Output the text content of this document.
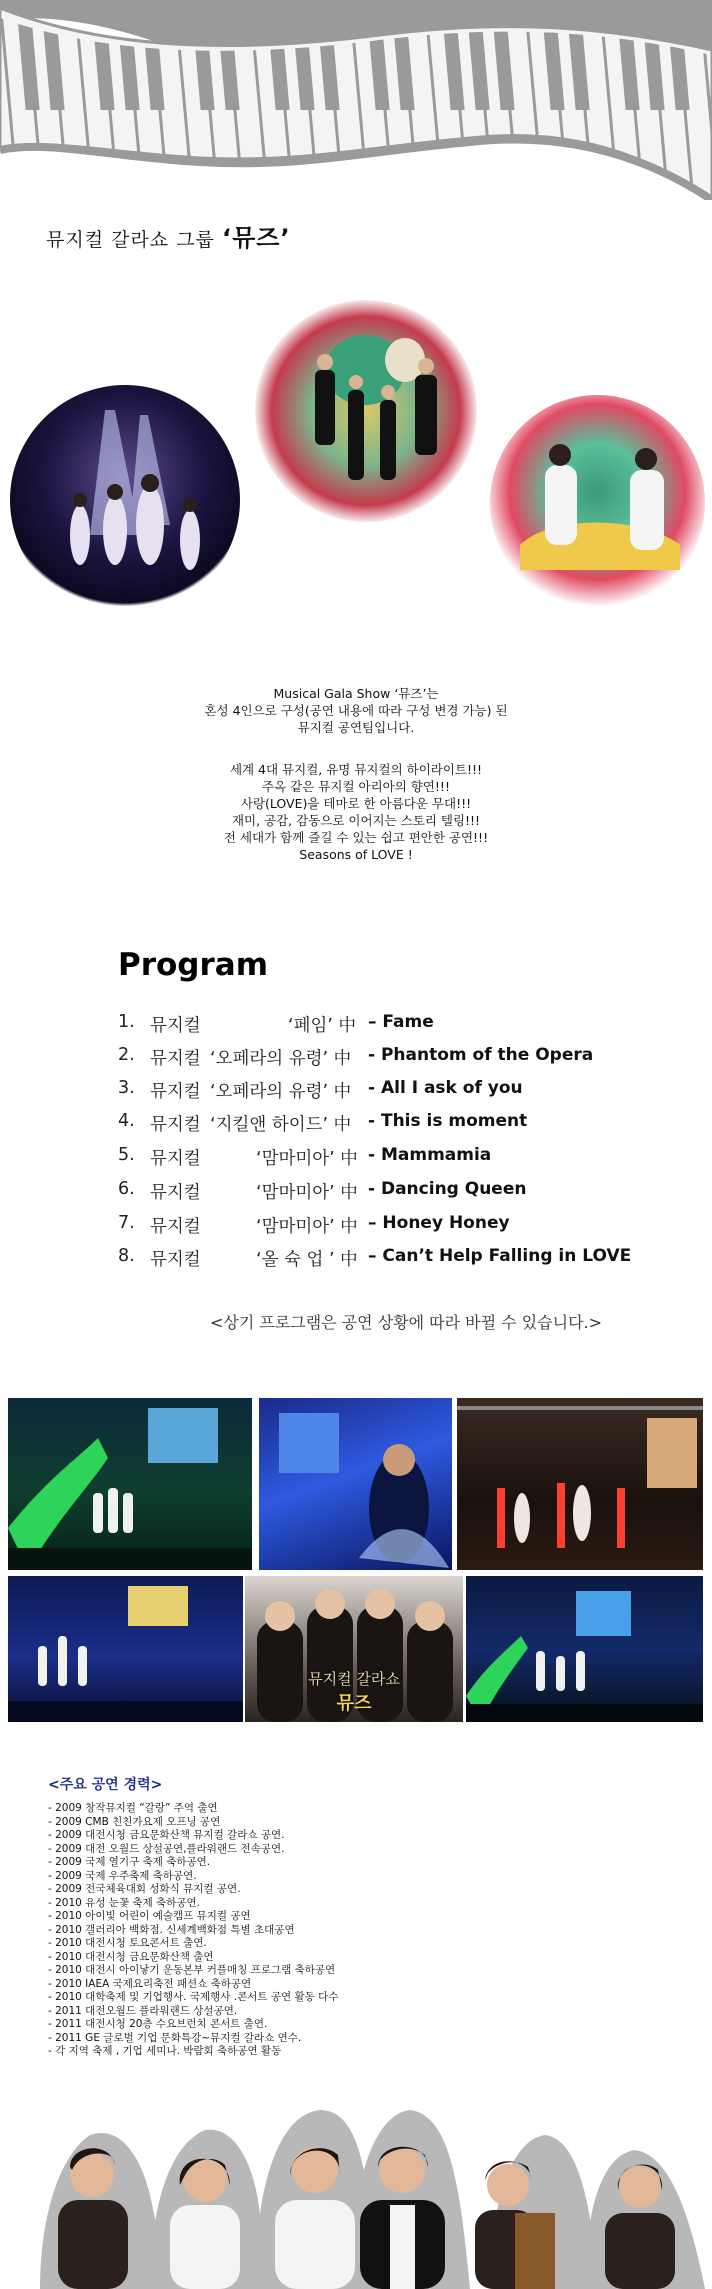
뮤지컬 갈라쇼 그룹 ‘뮤즈’
Musical Gala Show ‘뮤즈’는
혼성 4인으로 구성(공연 내용에 따라 구성 변경 가능) 된
뮤지컬 공연팀입니다.
세계 4대 뮤지컬, 유명 뮤지컬의 하이라이트!!!
주옥 같은 뮤지컬 아리아의 향연!!!
사랑(LOVE)을 테마로 한 아름다운 무대!!!
재미, 공감, 감동으로 이어지는 스토리 텔링!!!
전 세대가 함께 즐길 수 있는 쉽고 편안한 공연!!!
Seasons of LOVE !
Program
1. 뮤지컬	‘페임’ 中 – Fame
2. 뮤지컬 ‘오페라의 유령’ 中 - Phantom of the Opera
3. 뮤지컬 ‘오페라의 유령’ 中 - All I ask of you
4. 뮤지컬 ‘지킬앤 하이드’ 中 - This is moment
5. 뮤지컬	‘맘마미아’ 中 - Mammamia
6. 뮤지컬	‘맘마미아’ 中 - Dancing Queen
7. 뮤지컬	‘맘마미아’ 中 – Honey Honey
8. 뮤지컬	‘올 슉 업 ’ 中 – Can’t Help Falling in LOVE
<상기 프로그램은 공연 상황에 따라 바뀔 수 있습니다.>
뮤지컬 갈라쇼
뮤즈
<주요 공연 경력>
- 2009 창작뮤지컬 “갈랑” 주역 출연
- 2009 CMB 친친가요제 오프닝 공연
- 2009 대전시청 금요문화산책 뮤지컬 갈라쇼 공연.
- 2009 대전 오월드 상설공연,플라워랜드 전속공연.
- 2009 국제 열기구 축제 축하공연.
- 2009 국제 우주축제 축하공연.
- 2009 전국체육대회 성화식 뮤지컬 공연.
- 2010 유성 눈꽃 축제 축하공연.
- 2010 아이빛 어린이 예술캠프 뮤지컬 공연
- 2010 갤러리아 백화점. 신세계백화점 특별 초대공연
- 2010 대전시청 토요콘서트 출연.
- 2010 대전시청 금요문화산책 출연
- 2010 대전시 아이낳기 운동본부 커플매칭 프로그램 축하공연
- 2010 IAEA 국제요리축전 패션쇼 축하공연
- 2010 대학축제 및 기업행사. 국제행사 .콘서트 공연 활동 다수
- 2011 대전오월드 플라워랜드 상설공연.
- 2011 대전시청 20층 수요브런치 콘서트 출연.
- 2011 GE 글로벌 기업 문화특강~뮤지컬 갈라쇼 연수.
- 각 지역 축제 , 기업 세미나. 박람회 축하공연 활동
